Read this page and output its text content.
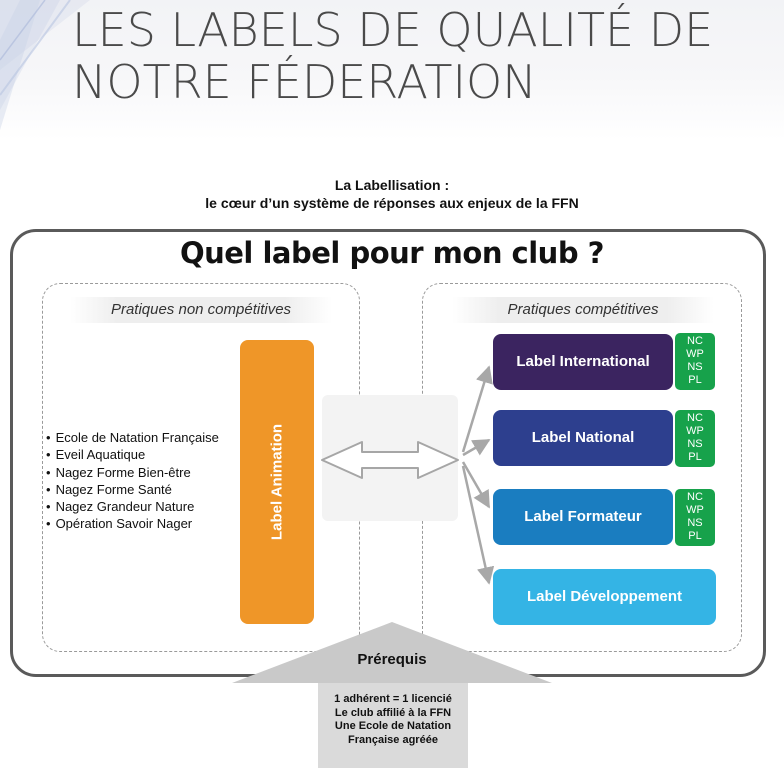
LES LABELS DE QUALITÉ DE NOTRE FÉDERATION
La Labellisation :
le cœur d’un système de réponses aux enjeux de la FFN
Quel label pour mon club ?
Pratiques non compétitives	Pratiques compétitives
• Ecole de Natation Française
• Eveil Aquatique
• Nagez Forme Bien-être
• Nagez Forme Santé
• Nagez Grandeur Nature
• Opération Savoir Nager	Label Animation
Label International
Label National
Label Formateur
Label Développement
NC
WP
NS
PL
NC
WP
NS
PL
NC
WP
NS
PL
Prérequis
1 adhérent = 1 licencié
Le club affilié à la FFN
Une Ecole de Natation
Française agréée
